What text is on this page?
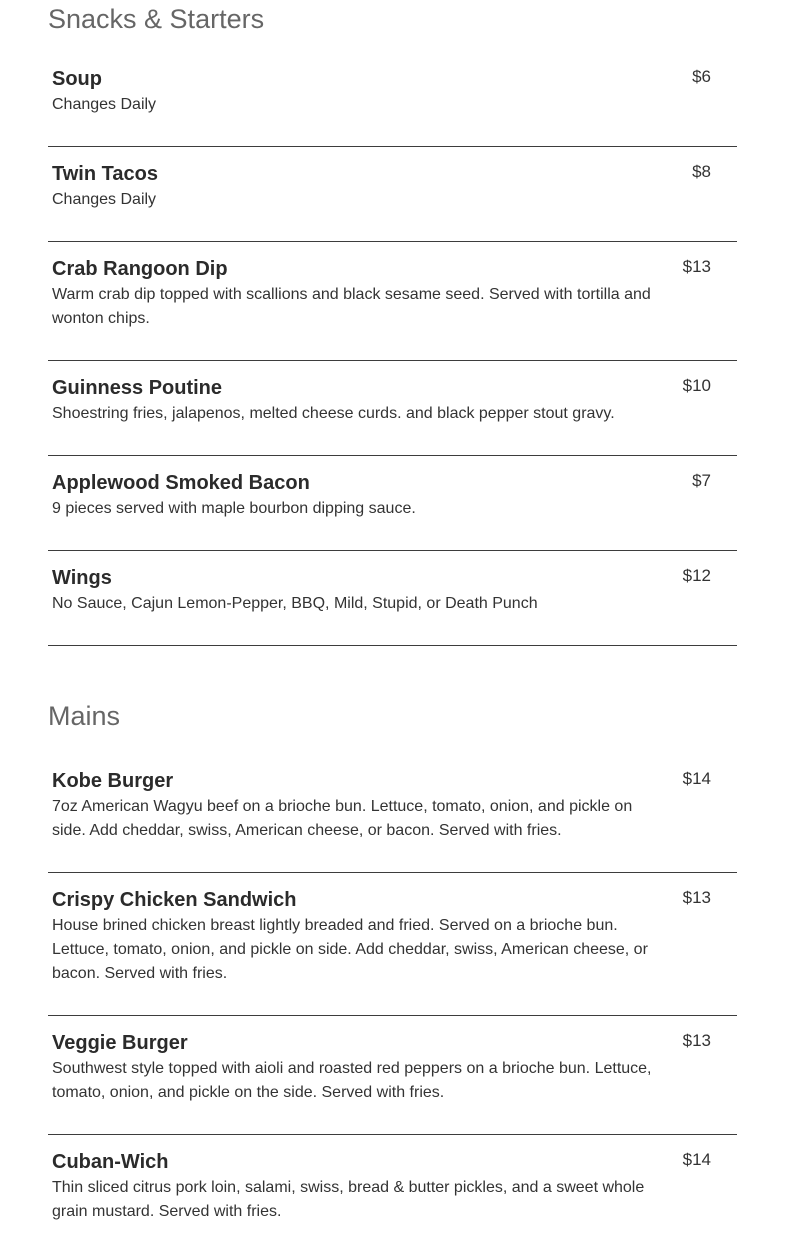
Snacks & Starters
Soup
Changes Daily
$6
Twin Tacos
Changes Daily
$8
Crab Rangoon Dip
Warm crab dip topped with scallions and black sesame seed. Served with tortilla and wonton chips.
$13
Guinness Poutine
Shoestring fries, jalapenos, melted cheese curds. and black pepper stout gravy.
$10
Applewood Smoked Bacon
9 pieces served with maple bourbon dipping sauce.
$7
Wings
No Sauce, Cajun Lemon-Pepper, BBQ, Mild, Stupid, or Death Punch
$12
Mains
Kobe Burger
7oz American Wagyu beef on a brioche bun. Lettuce, tomato, onion, and pickle on side. Add cheddar, swiss, American cheese, or bacon. Served with fries.
$14
Crispy Chicken Sandwich
House brined chicken breast lightly breaded and fried. Served on a brioche bun. Lettuce, tomato, onion, and pickle on side. Add cheddar, swiss, American cheese, or bacon. Served with fries.
$13
Veggie Burger
Southwest style topped with aioli and roasted red peppers on a brioche bun. Lettuce, tomato, onion, and pickle on the side. Served with fries.
$13
Cuban-Wich
Thin sliced citrus pork loin, salami, swiss, bread & butter pickles, and a sweet whole grain mustard. Served with fries.
$14
